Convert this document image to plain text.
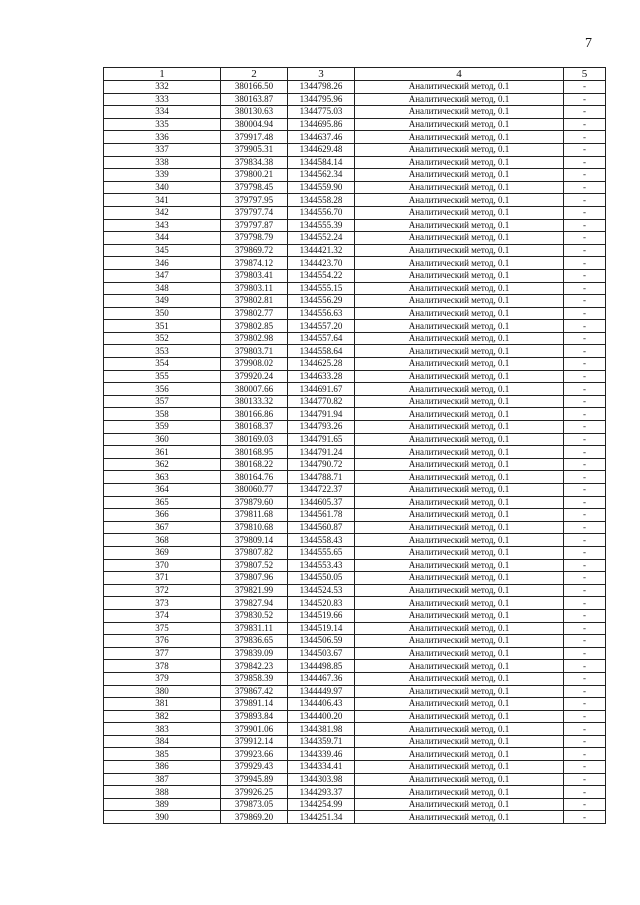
7
1	2	3	4	5
332	380166.50	1344798.26	Аналитический метод, 0.1	-
333	380163.87	1344795.96	Аналитический метод, 0.1	-
334	380130.63	1344775.03	Аналитический метод, 0.1	-
335	380004.94	1344695.86	Аналитический метод, 0.1	-
336	379917.48	1344637.46	Аналитический метод, 0.1	-
337	379905.31	1344629.48	Аналитический метод, 0.1	-
338	379834.38	1344584.14	Аналитический метод, 0.1	-
339	379800.21	1344562.34	Аналитический метод, 0.1	-
340	379798.45	1344559.90	Аналитический метод, 0.1	-
341	379797.95	1344558.28	Аналитический метод, 0.1	-
342	379797.74	1344556.70	Аналитический метод, 0.1	-
343	379797.87	1344555.39	Аналитический метод, 0.1	-
344	379798.79	1344552.24	Аналитический метод, 0.1	-
345	379869.72	1344421.32	Аналитический метод, 0.1	-
346	379874.12	1344423.70	Аналитический метод, 0.1	-
347	379803.41	1344554.22	Аналитический метод, 0.1	-
348	379803.11	1344555.15	Аналитический метод, 0.1	-
349	379802.81	1344556.29	Аналитический метод, 0.1	-
350	379802.77	1344556.63	Аналитический метод, 0.1	-
351	379802.85	1344557.20	Аналитический метод, 0.1	-
352	379802.98	1344557.64	Аналитический метод, 0.1	-
353	379803.71	1344558.64	Аналитический метод, 0.1	-
354	379908.02	1344625.28	Аналитический метод, 0.1	-
355	379920.24	1344633.28	Аналитический метод, 0.1	-
356	380007.66	1344691.67	Аналитический метод, 0.1	-
357	380133.32	1344770.82	Аналитический метод, 0.1	-
358	380166.86	1344791.94	Аналитический метод, 0.1	-
359	380168.37	1344793.26	Аналитический метод, 0.1	-
360	380169.03	1344791.65	Аналитический метод, 0.1	-
361	380168.95	1344791.24	Аналитический метод, 0.1	-
362	380168.22	1344790.72	Аналитический метод, 0.1	-
363	380164.76	1344788.71	Аналитический метод, 0.1	-
364	380060.77	1344722.37	Аналитический метод, 0.1	-
365	379879.60	1344605.37	Аналитический метод, 0.1	-
366	379811.68	1344561.78	Аналитический метод, 0.1	-
367	379810.68	1344560.87	Аналитический метод, 0.1	-
368	379809.14	1344558.43	Аналитический метод, 0.1	-
369	379807.82	1344555.65	Аналитический метод, 0.1	-
370	379807.52	1344553.43	Аналитический метод, 0.1	-
371	379807.96	1344550.05	Аналитический метод, 0.1	-
372	379821.99	1344524.53	Аналитический метод, 0.1	-
373	379827.94	1344520.83	Аналитический метод, 0.1	-
374	379830.52	1344519.66	Аналитический метод, 0.1	-
375	379831.11	1344519.14	Аналитический метод, 0.1	-
376	379836.65	1344506.59	Аналитический метод, 0.1	-
377	379839.09	1344503.67	Аналитический метод, 0.1	-
378	379842.23	1344498.85	Аналитический метод, 0.1	-
379	379858.39	1344467.36	Аналитический метод, 0.1	-
380	379867.42	1344449.97	Аналитический метод, 0.1	-
381	379891.14	1344406.43	Аналитический метод, 0.1	-
382	379893.84	1344400.20	Аналитический метод, 0.1	-
383	379901.06	1344381.98	Аналитический метод, 0.1	-
384	379912.14	1344359.71	Аналитический метод, 0.1	-
385	379923.66	1344339.46	Аналитический метод, 0.1	-
386	379929.43	1344334.41	Аналитический метод, 0.1	-
387	379945.89	1344303.98	Аналитический метод, 0.1	-
388	379926.25	1344293.37	Аналитический метод, 0.1	-
389	379873.05	1344254.99	Аналитический метод, 0.1	-
390	379869.20	1344251.34	Аналитический метод, 0.1	-
